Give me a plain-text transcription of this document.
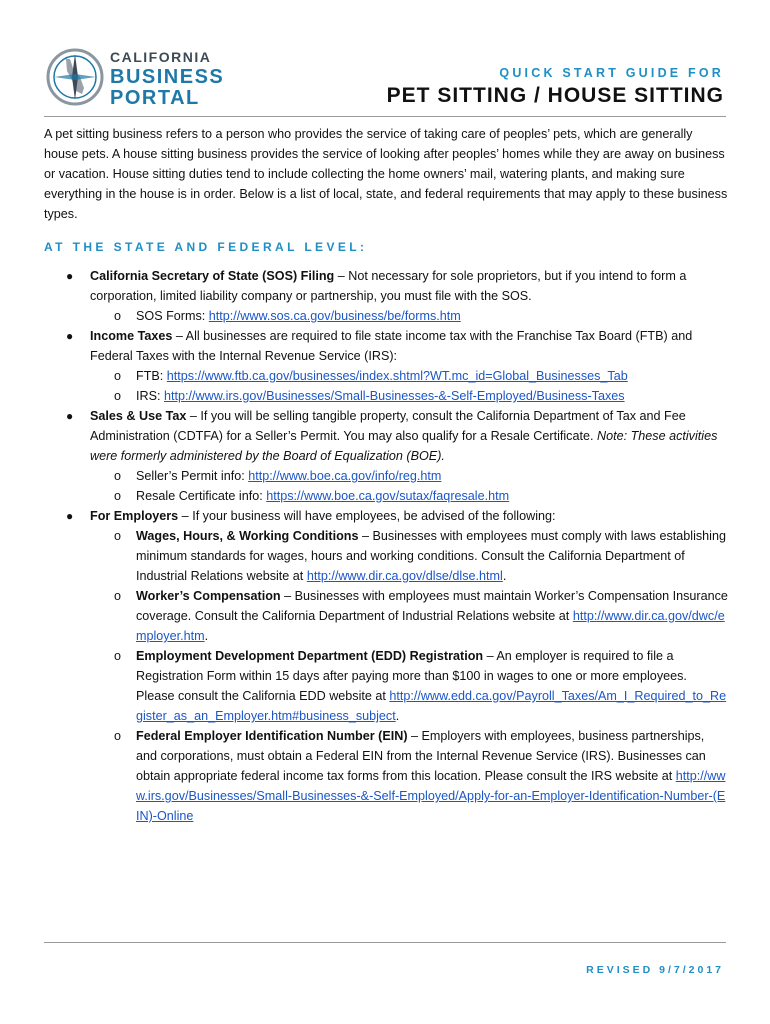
CALIFORNIA
BUSINESS
PORTAL
QUICK START GUIDE FOR
PET SITTING / HOUSE SITTING
A pet sitting business refers to a person who provides the service of taking care of peoples’ pets, which are generally house pets. A house sitting business provides the service of looking after peoples’ homes while they are away on business or vacation. House sitting duties tend to include collecting the home owners’ mail, watering plants, and making sure everything in the house is in order. Below is a list of local, state, and federal requirements that may apply to these business types.
AT THE STATE AND FEDERAL LEVEL:
● California Secretary of State (SOS) Filing – Not necessary for sole proprietors, but if you intend to form a corporation, limited liability company or partnership, you must file with the SOS.
o SOS Forms: http://www.sos.ca.gov/business/be/forms.htm
● Income Taxes – All businesses are required to file state income tax with the Franchise Tax Board (FTB) and Federal Taxes with the Internal Revenue Service (IRS):
o FTB: https://www.ftb.ca.gov/businesses/index.shtml?WT.mc_id=Global_Businesses_Tab
o IRS: http://www.irs.gov/Businesses/Small-Businesses-&-Self-Employed/Business-Taxes
● Sales & Use Tax – If you will be selling tangible property, consult the California Department of Tax and Fee Administration (CDTFA) for a Seller’s Permit. You may also qualify for a Resale Certificate. Note: These activities were formerly administered by the Board of Equalization (BOE).
o Seller’s Permit info: http://www.boe.ca.gov/info/reg.htm
o Resale Certificate info: https://www.boe.ca.gov/sutax/faqresale.htm
● For Employers – If your business will have employees, be advised of the following:
o Wages, Hours, & Working Conditions – Businesses with employees must comply with laws establishing minimum standards for wages, hours and working conditions. Consult the California Department of Industrial Relations website at http://www.dir.ca.gov/dlse/dlse.html.
o Worker’s Compensation – Businesses with employees must maintain Worker’s Compensation Insurance coverage. Consult the California Department of Industrial Relations website at http://www.dir.ca.gov/dwc/employer.htm.
o Employment Development Department (EDD) Registration – An employer is required to file a Registration Form within 15 days after paying more than $100 in wages to one or more employees. Please consult the California EDD website at http://www.edd.ca.gov/Payroll_Taxes/Am_I_Required_to_Register_as_an_Employer.htm#business_subject.
o Federal Employer Identification Number (EIN) – Employers with employees, business partnerships, and corporations, must obtain a Federal EIN from the Internal Revenue Service (IRS). Businesses can obtain appropriate federal income tax forms from this location. Please consult the IRS website at http://www.irs.gov/Businesses/Small-Businesses-&-Self-Employed/Apply-for-an-Employer-Identification-Number-(EIN)-Online
REVISED 9/7/2017
